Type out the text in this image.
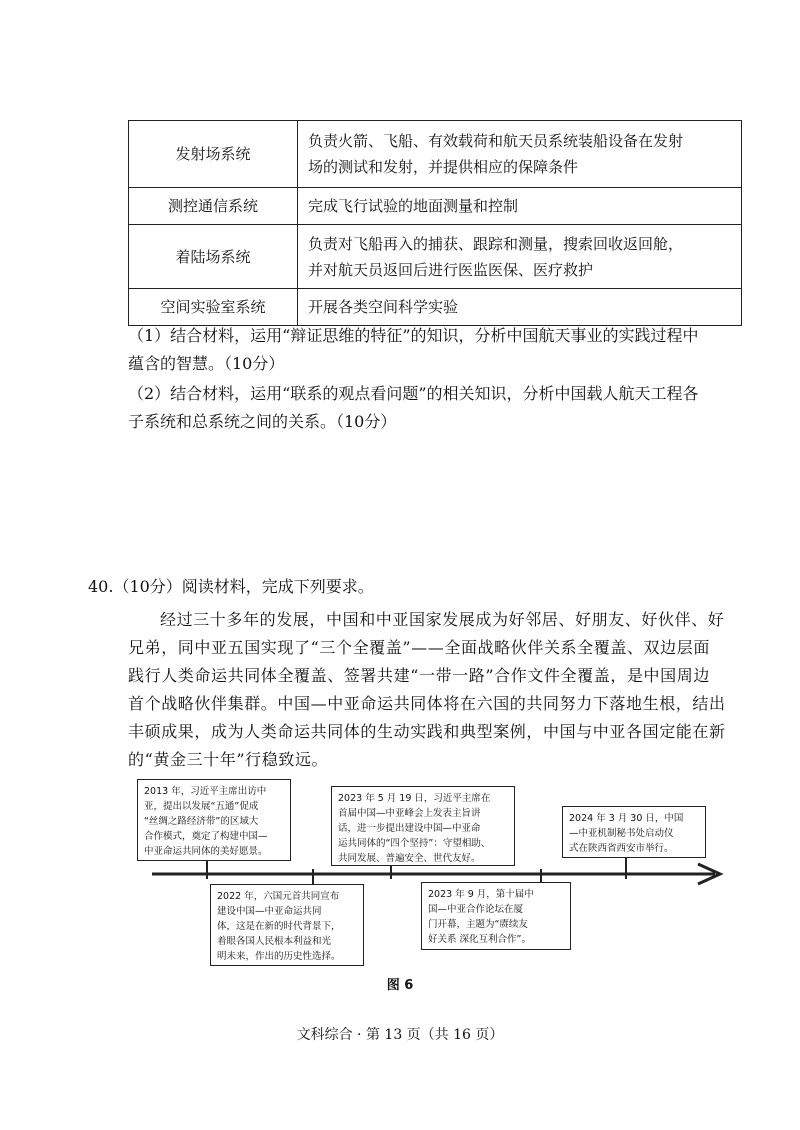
发射场系统	负责火箭、飞船、有效载荷和航天员系统装船设备在发射
场的测试和发射，并提供相应的保障条件

测控通信系统	完成飞行试验的地面测量和控制

着陆场系统	负责对飞船再入的捕获、跟踪和测量，搜索回收返回舱，
并对航天员返回后进行医监医保、医疗救护

空间实验室系统	开展各类空间科学实验
（1）结合材料，运用“辩证思维的特征”的知识，分析中国航天事业的实践过程中
蕴含的智慧。（10分）
（2）结合材料，运用“联系的观点看问题”的相关知识，分析中国载人航天工程各
子系统和总系统之间的关系。（10分）
40.（10分）阅读材料，完成下列要求。
经过三十多年的发展，中国和中亚国家发展成为好邻居、好朋友、好伙伴、好
兄弟，同中亚五国实现了“三个全覆盖”——全面战略伙伴关系全覆盖、双边层面
践行人类命运共同体全覆盖、签署共建“一带一路”合作文件全覆盖，是中国周边
首个战略伙伴集群。中国—中亚命运共同体将在六国的共同努力下落地生根，结出
丰硕成果，成为人类命运共同体的生动实践和典型案例，中国与中亚各国定能在新
的“黄金三十年”行稳致远。
2013 年，习近平主席出访中
亚，提出以发展“五通”促成
“丝绸之路经济带”的区域大
合作模式，奠定了构建中国—
中亚命运共同体的美好愿景。
2022 年，六国元首共同宣布
建设中国—中亚命运共同
体，这是在新的时代背景下，
着眼各国人民根本利益和光
明未来，作出的历史性选择。
2023 年 5 月 19 日，习近平主席在
首届中国—中亚峰会上发表主旨讲
话，进一步提出建设中国—中亚命
运共同体的“四个坚持”：守望相助、
共同发展、普遍安全、世代友好。
2023 年 9 月，第十届中
国—中亚合作论坛在厦
门开幕，主题为“赓续友
好关系 深化互利合作”。
2024 年 3 月 30 日，中国
—中亚机制秘书处启动仪
式在陕西省西安市举行。
图 6
文科综合 · 第 13 页（共 16 页）
